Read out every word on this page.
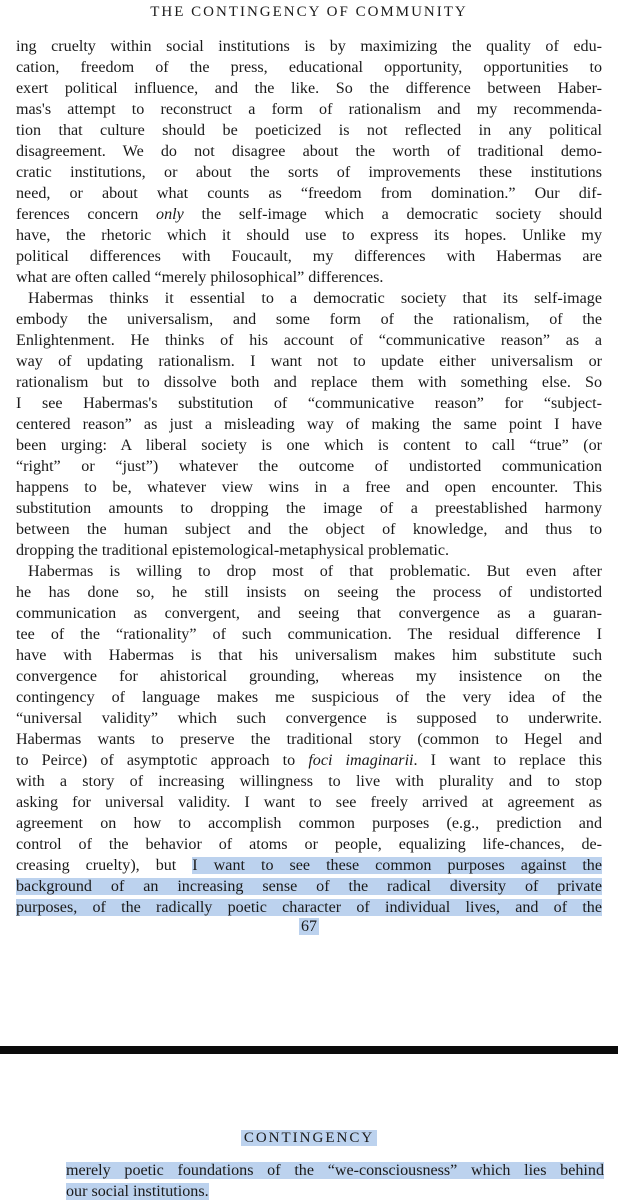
THE CONTINGENCY OF COMMUNITY
ing cruelty within social institutions is by maximizing the quality of edu-
cation, freedom of the press, educational opportunity, opportunities to
exert political influence, and the like. So the difference between Haber-
mas's attempt to reconstruct a form of rationalism and my recommenda-
tion that culture should be poeticized is not reflected in any political
disagreement. We do not disagree about the worth of traditional demo-
cratic institutions, or about the sorts of improvements these institutions
need, or about what counts as “freedom from domination.” Our dif-
ferences concern only the self-image which a democratic society should
have, the rhetoric which it should use to express its hopes. Unlike my
political differences with Foucault, my differences with Habermas are
what are often called “merely philosophical” differences.
Habermas thinks it essential to a democratic society that its self-image
embody the universalism, and some form of the rationalism, of the
Enlightenment. He thinks of his account of “communicative reason” as a
way of updating rationalism. I want not to update either universalism or
rationalism but to dissolve both and replace them with something else. So
I see Habermas's substitution of “communicative reason” for “subject-
centered reason” as just a misleading way of making the same point I have
been urging: A liberal society is one which is content to call “true” (or
“right” or “just”) whatever the outcome of undistorted communication
happens to be, whatever view wins in a free and open encounter. This
substitution amounts to dropping the image of a preestablished harmony
between the human subject and the object of knowledge, and thus to
dropping the traditional epistemological-metaphysical problematic.
Habermas is willing to drop most of that problematic. But even after
he has done so, he still insists on seeing the process of undistorted
communication as convergent, and seeing that convergence as a guaran-
tee of the “rationality” of such communication. The residual difference I
have with Habermas is that his universalism makes him substitute such
convergence for ahistorical grounding, whereas my insistence on the
contingency of language makes me suspicious of the very idea of the
“universal validity” which such convergence is supposed to underwrite.
Habermas wants to preserve the traditional story (common to Hegel and
to Peirce) of asymptotic approach to foci imaginarii. I want to replace this
with a story of increasing willingness to live with plurality and to stop
asking for universal validity. I want to see freely arrived at agreement as
agreement on how to accomplish common purposes (e.g., prediction and
control of the behavior of atoms or people, equalizing life-chances, de-
creasing cruelty), but I want to see these common purposes against the
background of an increasing sense of the radical diversity of private
purposes, of the radically poetic character of individual lives, and of the
67
CONTINGENCY
merely poetic foundations of the “we-consciousness” which lies behind
our social institutions.
